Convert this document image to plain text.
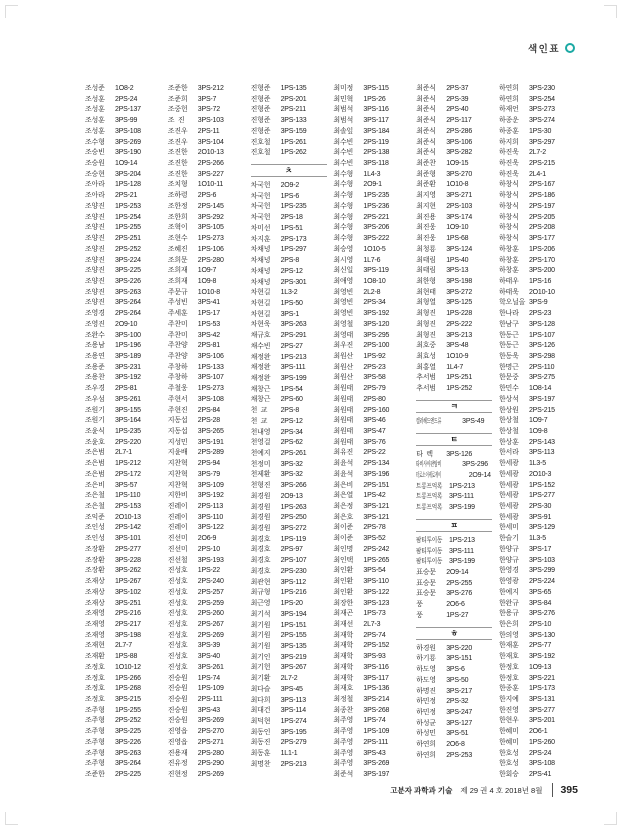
색인표
조성준	1O8-2
조성훈	2PS-24
조성훈	2PS-137
조성훈	3PS-99
조성훈	3PS-108
조수형	3PS-269
조승빈	3PS-190
조승원	1O9-14
조승현	3PS-204
조아라	1PS-128
조아라	2PS-21
조양진	1PS-253
조양진	1PS-254
조양진	1PS-255
조양진	2PS-251
조양진	2PS-252
조양진	3PS-224
조양진	3PS-225
조양진	3PS-226
조양진	3PS-263
조양진	3PS-264
조영경	2PS-264
조영진	2O9-10
조완수	3PS-100
조용남	1PS-196
조용연	3PS-189
조용준	3PS-231
조용찬	3PS-192
조우경	2PS-81
조우섬	3PS-261
조원기	3PS-155
조원기	3PS-164
조윤식	1PS-235
조윤호	2PS-220
조은범	2L7-1
조은범	1PS-212
조은범	2PS-172
조은비	3PS-57
조은철	1PS-110
조은철	2PS-153
조익준	2O10-13
조인성	2PS-142
조인성	3PS-101
조장환	2PS-277
조장환	3PS-228
조장환	3PS-262
조재상	1PS-267
조재상	3PS-102
조재상	3PS-251
조재영	2PS-216
조재영	2PS-217
조재영	3PS-198
조재현	2L7-7
조재환	1PS-88
조정호	1O10-12
조정호	1PS-266
조정호	1PS-268
조정호	3PS-215
조주형	1PS-255
조주형	2PS-252
조주형	3PS-225
조주형	3PS-226
조주형	3PS-263
조주형	3PS-264
조준한	2PS-225
조준한	3PS-212
조준희	3PS-7
조중헌	3PS-72
조  진	3PS-103
조진우	2PS-11
조진우	3PS-104
조진한	2O10-13
조진한	2PS-266
조진한	3PS-227
조치형	1O10-11
조하령	2PS-6
조한정	2PS-145
조한희	3PS-292
조혁이	3PS-105
조현수	1PS-273
조혜진	1PS-106
조희문	2PS-280
조희재	1O9-7
조희재	1O9-8
주문규	1O10-8
주성빈	3PS-41
주세훈	1PS-17
주찬미	1PS-53
주찬미	3PS-42
주찬양	2PS-81
주찬양	3PS-106
주창하	1PS-133
주창하	3PS-107
주철웅	1PS-273
주현서	3PS-108
주현진	2PS-84
지동섭	2PS-28
지동섭	3PS-265
지성민	3PS-191
지윤배	2PS-289
지찬혁	2PS-94
지찬혁	3PS-79
지찬혁	3PS-109
지한비	3PS-192
진레이	2PS-113
진레이	3PS-110
진레이	3PS-122
진선미	2O6-9
진선미	2PS-10
진선철	3PS-193
진성호	1PS-22
진성호	2PS-240
진성호	2PS-257
진성호	2PS-259
진성호	2PS-260
진성호	2PS-267
진성호	2PS-269
진성호	3PS-39
진성호	3PS-40
진성호	3PS-261
진승원	1PS-74
진승원	1PS-109
진승원	2PS-111
진승원	3PS-43
진승원	3PS-269
진영읍	2PS-270
진영읍	2PS-271
진용재	2PS-280
진유정	2PS-290
진현정	2PS-269
진형준	1PS-135
진형준	2PS-201
진형준	2PS-211
진형준	3PS-133
진형준	3PS-159
진호철	1PS-261
진호철	1PS-262
ㅊ
차국헌	2O9-2
차국헌	1PS-6
차국헌	1PS-235
차국헌	2PS-18
차미선	1PS-51
차지훈	2PS-173
차채녕	1PS-297
차채녕	2PS-8
차채녕	2PS-12
차채녕	2PS-301
차현길	1L3-2
차현길	1PS-50
차현길	3PS-1
차현욱	3PS-263
채규호	2PS-291
채수빈	2PS-27
채정완	1PS-213
채정완	3PS-111
채정완	3PS-199
채창근	1PS-54
채창근	2PS-60
천  교	2PS-8
천  교	2PS-12
천내영	2PS-34
천영걸	2PS-62
천예지	2PS-261
천정미	3PS-32
천제환	3PS-32
천형진	3PS-266
최경원	2O9-13
최경원	1PS-263
최경원	2PS-250
최경원	3PS-272
최경호	1PS-119
최경호	2PS-97
최경호	2PS-107
최경호	2PS-230
최관현	3PS-112
최규형	1PS-216
최근영	1PS-20
최기석	3PS-194
최기원	1PS-151
최기원	2PS-155
최기원	3PS-135
최기인	3PS-219
최기헌	3PS-267
최기환	2L7-2
최다슬	3PS-45
최다희	3PS-113
최대건	3PS-114
최덕현	1PS-274
최동인	3PS-195
최동진	2PS-279
최동훈	1L1-1
최명찬	2PS-213
최미정	3PS-115
최민혁	1PS-26
최범석	3PS-116
최범석	3PS-117
최솔잎	3PS-184
최수빈	2PS-119
최수빈	2PS-138
최수빈	3PS-118
최수형	1L4-3
최수형	2O9-1
최수형	1PS-235
최수형	1PS-236
최수형	2PS-221
최수형	3PS-206
최수형	3PS-222
최승영	1O10-5
최시영	1L7-6
최신일	3PS-119
최애영	1O8-10
최영빈	2L2-8
최영빈	2PS-34
최영빈	3PS-192
최영철	3PS-120
최영태	3PS-295
최우진	2PS-100
최원산	1PS-92
최원산	2PS-23
최원산	3PS-58
최원태	2PS-79
최원태	2PS-80
최원태	2PS-160
최원태	3PS-46
최원태	3PS-47
최원태	3PS-76
최유진	2PS-22
최윤석	2PS-134
최윤석	3PS-196
최은비	2PS-151
최은열	1PS-42
최은정	3PS-121
최은호	3PS-121
최이준	2PS-78
최이준	3PS-52
최인명	2PS-242
최인택	1PS-265
최인환	3PS-54
최인환	3PS-110
최인환	3PS-122
최장한	3PS-123
최재곤	1PS-73
최재선	2L7-3
최재학	2PS-74
최재학	2PS-152
최재학	3PS-93
최재학	3PS-116
최재학	3PS-117
최재호	1PS-136
최정철	3PS-214
최종찬	3PS-268
최주영	1PS-74
최주영	1PS-109
최주영	2PS-111
최주영	3PS-43
최주영	3PS-269
최준석	3PS-197
최준식	2PS-37
최준식	2PS-39
최준식	2PS-40
최준식	2PS-117
최준식	2PS-286
최준식	3PS-106
최준식	3PS-282
최준찬	1O9-15
최준형	3PS-270
최준환	1O10-8
최지영	3PS-271
최지현	2PS-103
최진용	3PS-174
최진웅	1O9-10
최진웅	1PS-68
최청룡	3PS-124
최태림	1PS-40
최태림	3PS-13
최한형	3PS-198
최현태	3PS-272
최형열	3PS-125
최형진	1PS-228
최형진	2PS-222
최형진	3PS-213
최호중	3PS-48
최효성	1O10-9
최홍열	1L4-7
추서범	1PS-251
추서범	1PS-252
ㅋ
캘러헤드앤드류	3PS-49
ㅌ
타  렉	3PS-126
타비사아판탐비	3PS-296
터로소이케로게이	2O9-14
트롱프억록 1PS-213
트롱프억록 3PS-111
트롱프억록 3PS-199
ㅍ
팜티투이동 1PS-213
팜티투이동 3PS-111
팜티투이동 3PS-199
표승문	2O9-14
표승문	2PS-255
표승문	3PS-276
풍	2O6-6
풍	1PS-27
ㅎ
하경원	3PS-220
하기룡	3PS-151
하도영	3PS-6
하도영	3PS-50
하명진	3PS-217
하민정	2PS-32
하민정	3PS-247
하성균	3PS-127
하성민	3PS-51
하연희	2O6-8
하연희	2PS-253
하연희	3PS-230
하연희	3PS-254
하재언	3PS-273
하종운	3PS-274
하종훈	1PS-30
하지희	3PS-297
하진욱	2L7-2
하진욱	2PS-215
하진욱	2L4-1
하창식	2PS-167
하창식	2PS-186
하창식	2PS-197
하창식	2PS-205
하창식	2PS-208
하창식	3PS-177
하창훈	1PS-206
하창훈	2PS-170
하창훈	3PS-200
하태우	1PS-16
하태욱	2O10-10
학오닐올 3PS-9
한나라	2PS-23
한남구	3PS-128
한동근	1PS-107
한동근	3PS-126
한동욱	3PS-298
한명근	2PS-110
한문중	3PS-275
한민수	1O8-14
한상석	3PS-197
한상원	2PS-215
한상철	1O9-7
한상철	1O9-8
한상훈	2PS-143
한서라	3PS-113
한세광	1L3-5
한세광	2O10-3
한세광	1PS-152
한세광	1PS-277
한세광	2PS-30
한세광	3PS-91
한세미	3PS-129
한슬기	1L3-5
한양규	3PS-17
한양규	3PS-103
한영경	3PS-299
한영광	2PS-224
한예지	3PS-65
한완규	3PS-84
한용규	3PS-276
한은희	2PS-10
한의영	3PS-130
한재훈	2PS-77
한재호	3PS-192
한정호	1O9-13
한정호	3PS-221
한종훈	1PS-173
한지예	3PS-131
한진영	3PS-277
한현우	3PS-201
한혜미	2O6-1
한혜미	1PS-260
한호성	2PS-24
한호성	3PS-108
한회승	2PS-41
고분자 과학과 기술 제 29 권 4 호 2018년 8월 395
